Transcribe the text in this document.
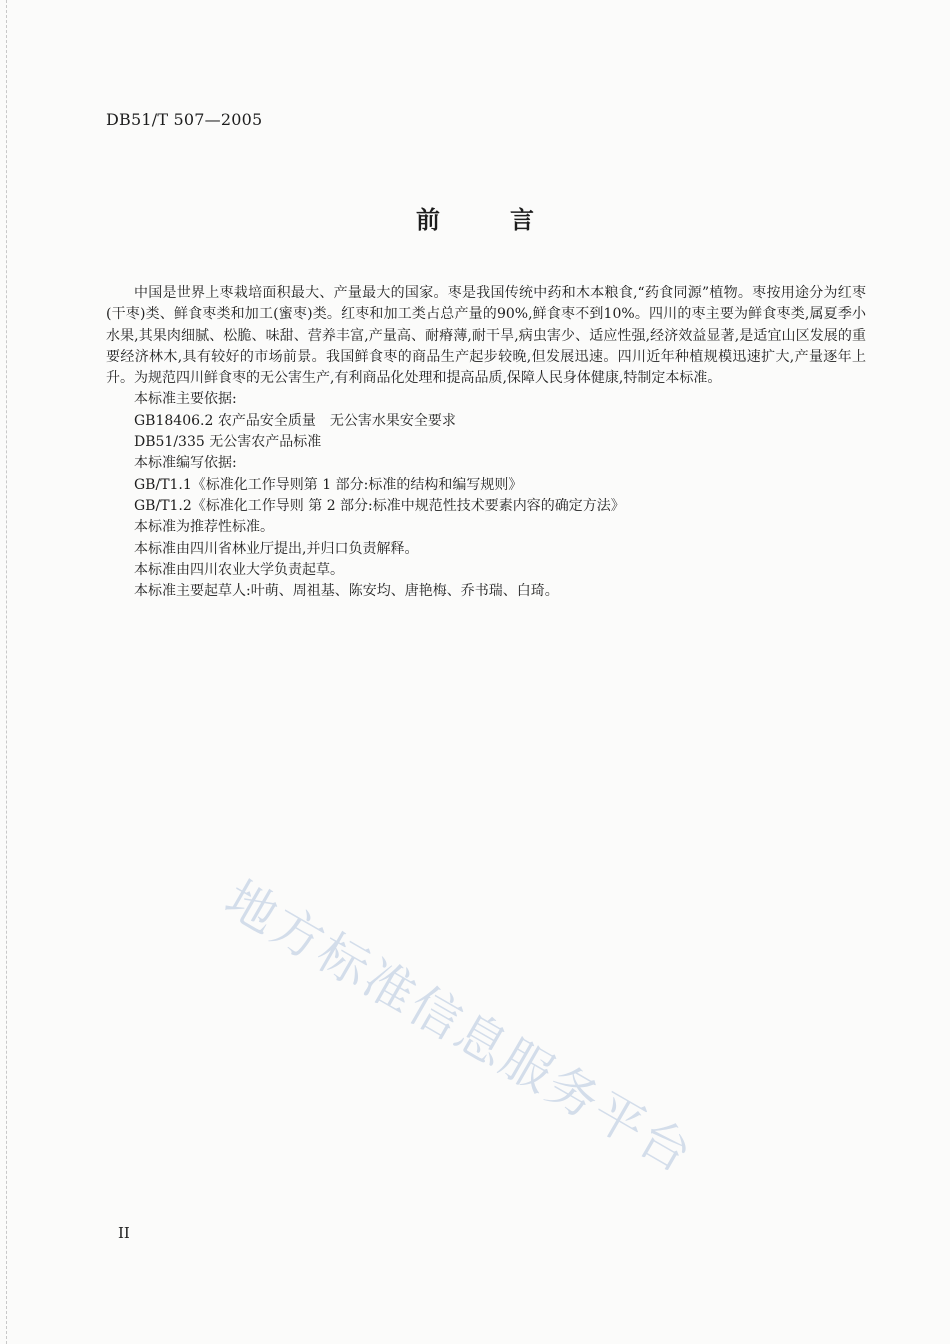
DB51/T 507—2005
前言

中国是世界上枣栽培面积最大、产量最大的国家。枣是我国传统中药和木本粮食,“药食同源”植物。枣按用途分为红枣(干枣)类、鲜食枣类和加工(蜜枣)类。红枣和加工类占总产量的90%,鲜食枣不到10%。四川的枣主要为鲜食枣类,属夏季小水果,其果肉细腻、松脆、味甜、营养丰富,产量高、耐瘠薄,耐干旱,病虫害少、适应性强,经济效益显著,是适宜山区发展的重要经济林木,具有较好的市场前景。我国鲜食枣的商品生产起步较晚,但发展迅速。四川近年种植规模迅速扩大,产量逐年上升。为规范四川鲜食枣的无公害生产,有利商品化处理和提高品质,保障人民身体健康,特制定本标准。

本标准主要依据:

GB18406.2 农产品安全质量　无公害水果安全要求

DB51/335 无公害农产品标准

本标准编写依据:

GB/T1.1《标准化工作导则第 1 部分:标准的结构和编写规则》

GB/T1.2《标准化工作导则 第 2 部分:标准中规范性技术要素内容的确定方法》

本标准为推荐性标准。

本标准由四川省林业厅提出,并归口负责解释。

本标准由四川农业大学负责起草。

本标准主要起草人:叶萌、周祖基、陈安均、唐艳梅、乔书瑞、白琦。

地方标准信息服务平台
II
